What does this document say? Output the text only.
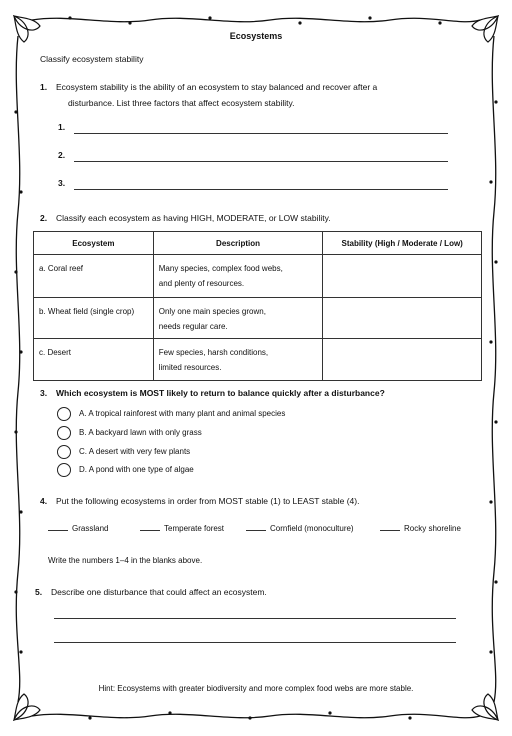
Ecosystems
Classify ecosystem stability
1. Ecosystem stability is the ability of an ecosystem to stay balanced and recover after a
disturbance. List three factors that affect ecosystem stability.
1.
2.
3.
2. Classify each ecosystem as having HIGH, MODERATE, or LOW stability.
Ecosystem	Description	Stability (High / Moderate / Low)
a. Coral reef	Many species, complex food webs,
and plenty of resources.	

b. Wheat field (single crop)	Only one main species grown,
needs regular care.	

c. Desert	Few species, harsh conditions,
limited resources.	

3. Which ecosystem is MOST likely to return to balance quickly after a disturbance?
A. A tropical rainforest with many plant and animal species
B. A backyard lawn with only grass
C. A desert with very few plants
D. A pond with one type of algae
4. Put the following ecosystems in order from MOST stable (1) to LEAST stable (4).
Grassland	Temperate forest	Cornfield (monoculture)	Rocky shoreline
Write the numbers 1–4 in the blanks above.
5. Describe one disturbance that could affect an ecosystem.
Hint: Ecosystems with greater biodiversity and more complex food webs are more stable.
